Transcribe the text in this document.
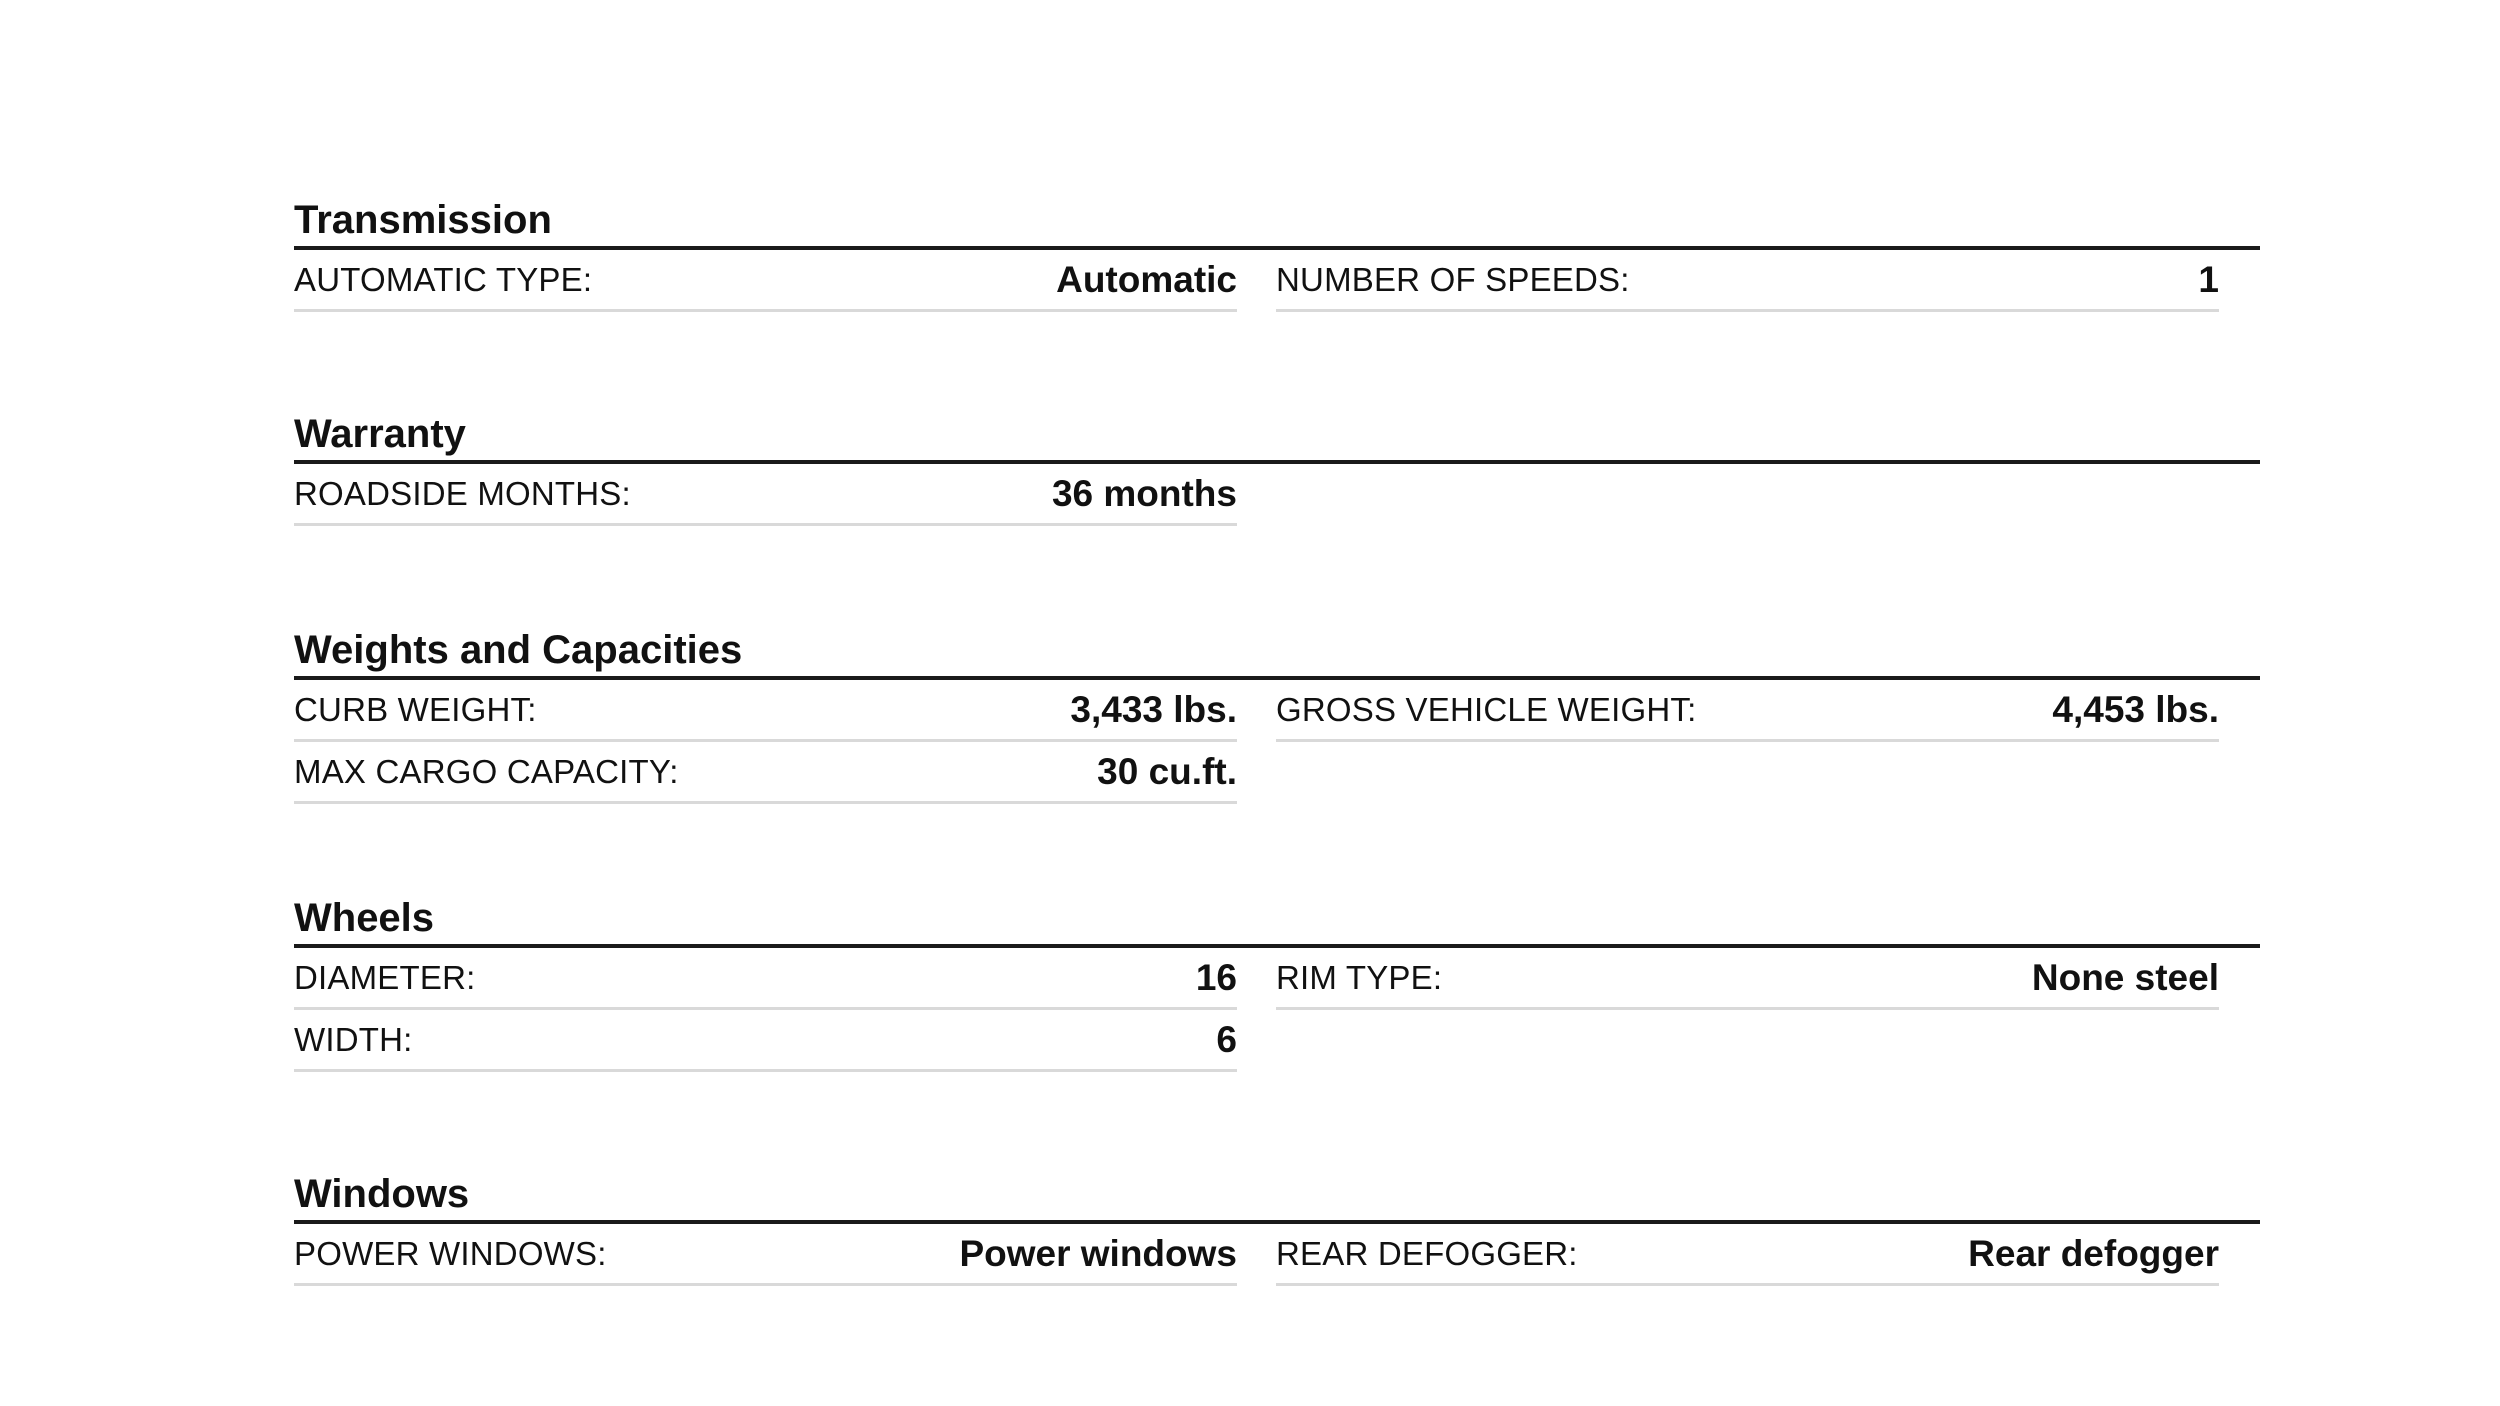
Transmission
AUTOMATIC TYPE:	Automatic NUMBER OF SPEEDS:	1
Warranty
ROADSIDE MONTHS:	36 months
Weights and Capacities
CURB WEIGHT:	3,433 lbs. GROSS VEHICLE WEIGHT:	4,453 lbs.
MAX CARGO CAPACITY:	30 cu.ft.
Wheels
DIAMETER:	16 RIM TYPE:	None steel
WIDTH:	6
Windows
POWER WINDOWS:	Power windows REAR DEFOGGER:	Rear defogger
